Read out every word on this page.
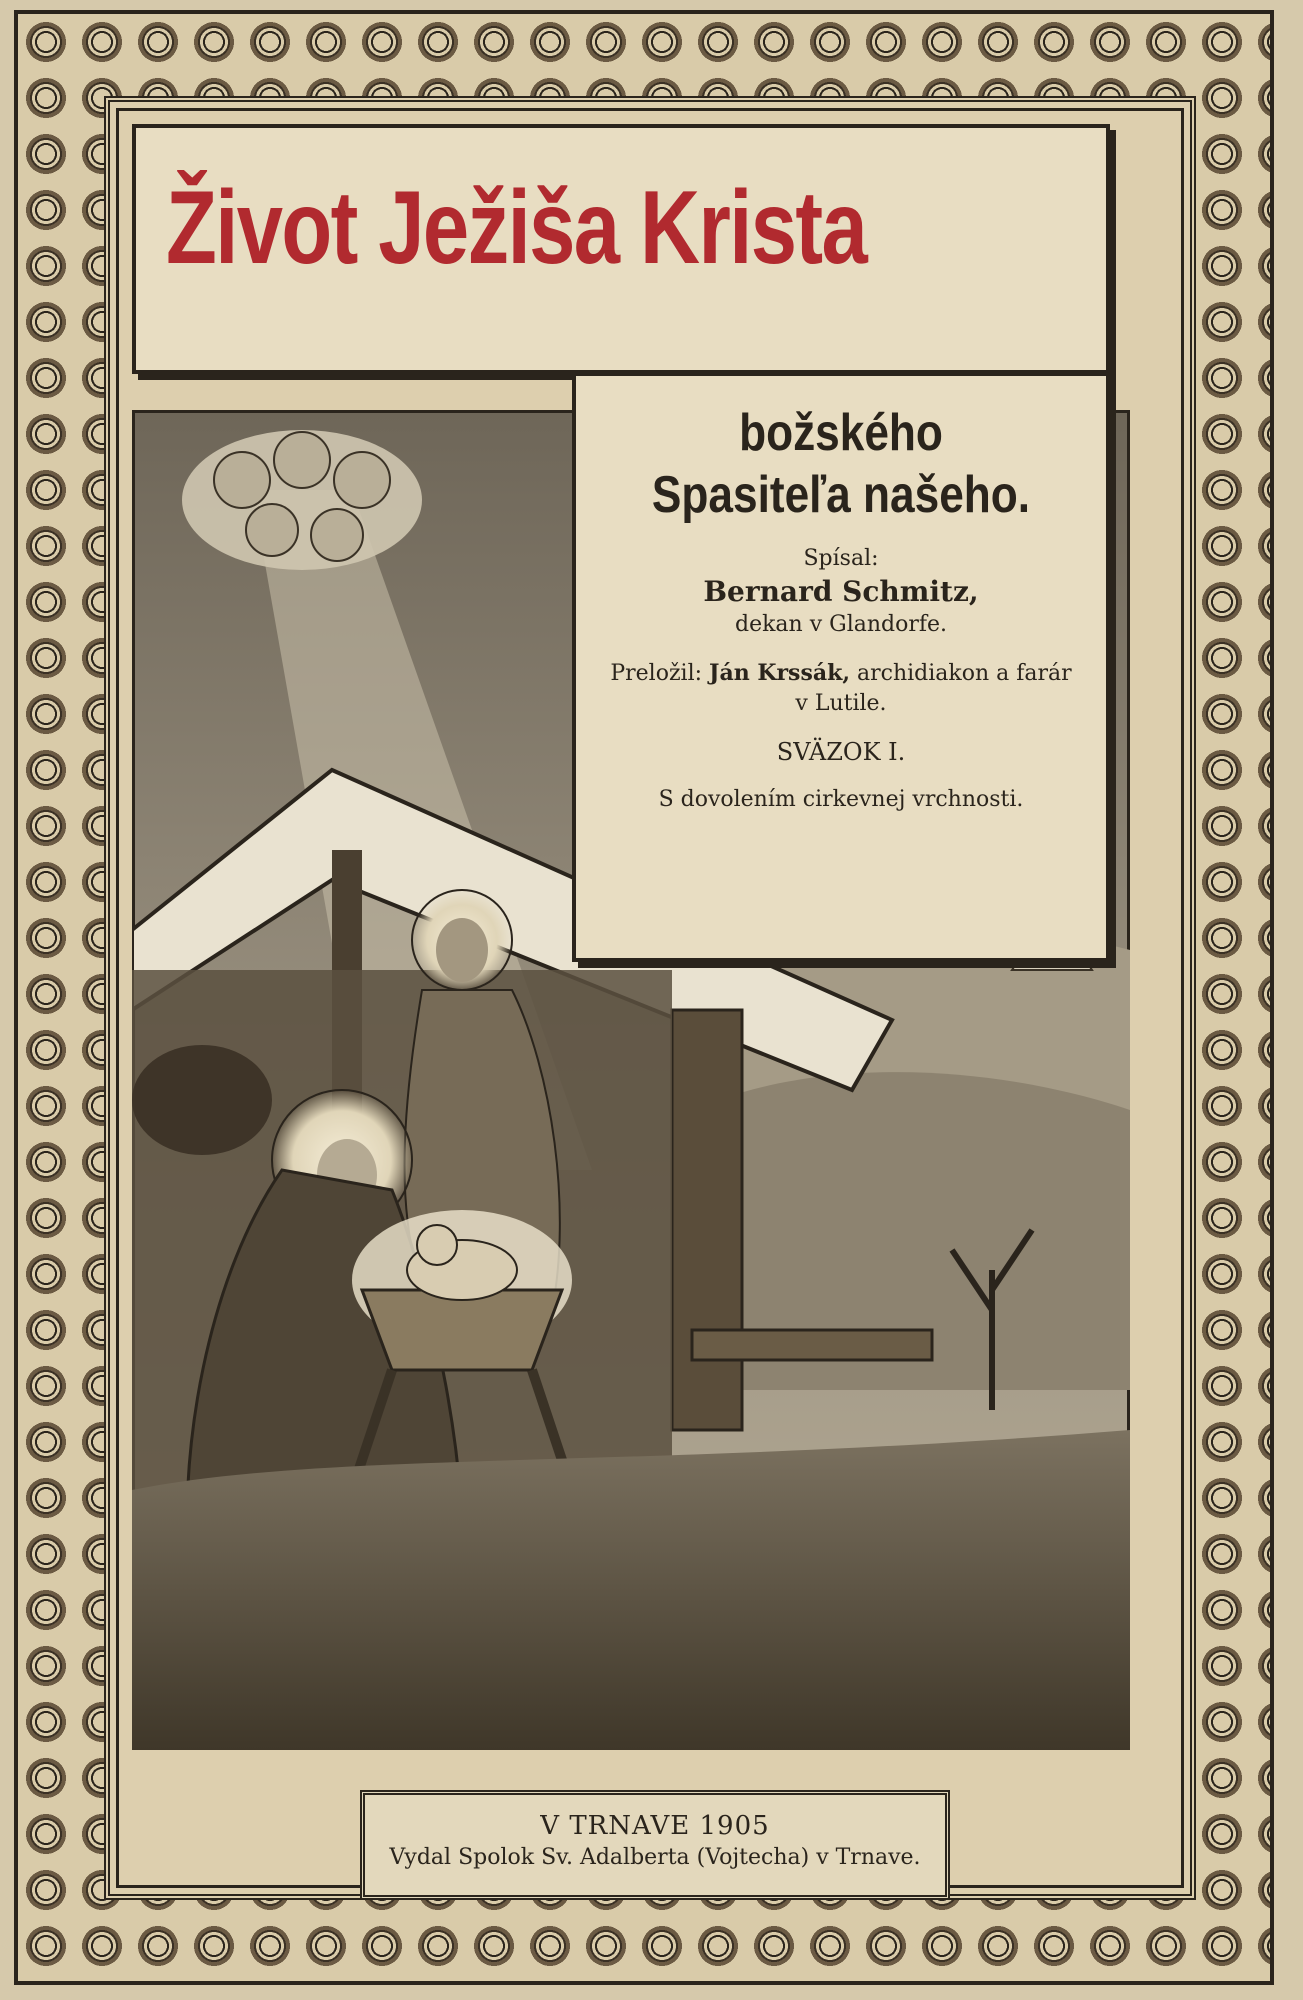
Život Ježiša Krista
božského
Spasiteľa našeho.
Spísal:
Bernard Schmitz,
dekan v Glandorfe.
Preložil: Ján Krssák, archidiakon a farár
v Lutile.
SVÄZOK I.
S dovolením cirkevnej vrchnosti.
V TRNAVE 1905
Vydal Spolok Sv. Adalberta (Vojtecha) v Trnave.
